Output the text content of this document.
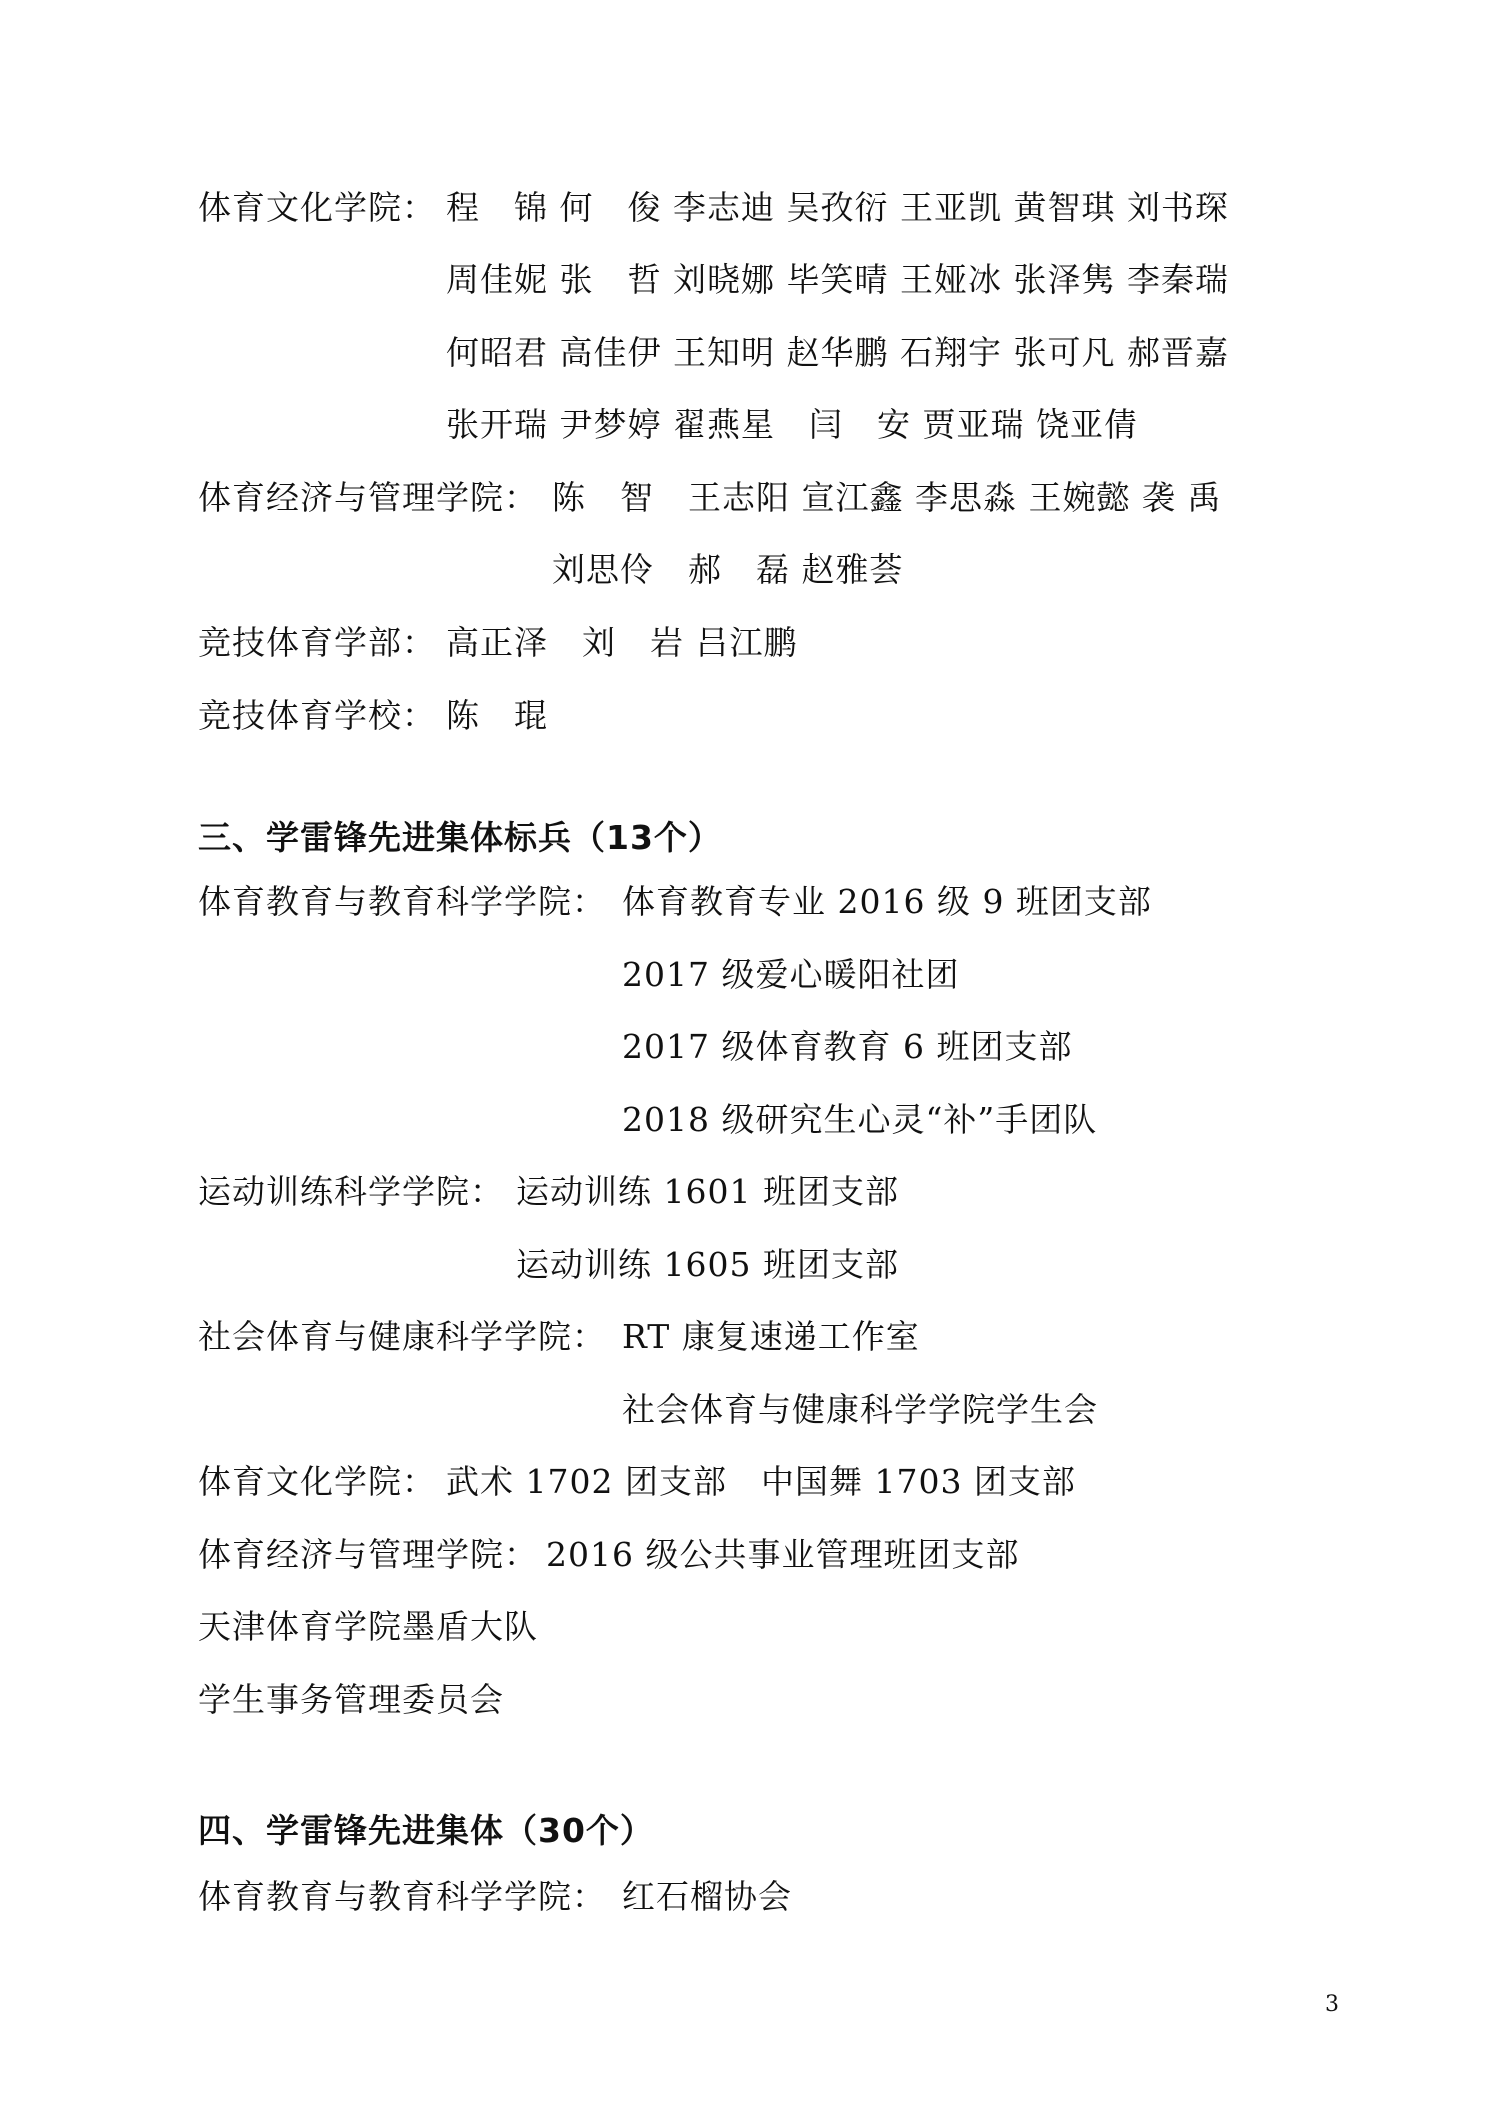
体育文化学院： 程　锦 何　俊 李志迪 吴孜衍 王亚凯 黄智琪 刘书琛
周佳妮 张　哲 刘晓娜 毕笑晴 王娅冰 张泽隽 李秦瑞
何昭君 高佳伊 王知明 赵华鹏 石翔宇 张可凡 郝晋嘉
张开瑞 尹梦婷 翟燕星　闫　安 贾亚瑞 饶亚倩
体育经济与管理学院： 陈　智　王志阳 宣江鑫 李思淼 王婉懿 袭 禹
刘思伶　郝　磊 赵雅荟
竞技体育学部： 高正泽　刘　岩 吕江鹏
竞技体育学校： 陈　琨
三、学雷锋先进集体标兵（13个）
体育教育与教育科学学院： 体育教育专业 2016 级 9 班团支部
2017 级爱心暖阳社团
2017 级体育教育 6 班团支部
2018 级研究生心灵“补”手团队
运动训练科学学院： 运动训练 1601 班团支部
运动训练 1605 班团支部
社会体育与健康科学学院： RT 康复速递工作室
社会体育与健康科学学院学生会
体育文化学院： 武术 1702 团支部　中国舞 1703 团支部
体育经济与管理学院： 2016 级公共事业管理班团支部
天津体育学院墨盾大队
学生事务管理委员会
四、学雷锋先进集体（30个）
体育教育与教育科学学院： 红石榴协会
3
